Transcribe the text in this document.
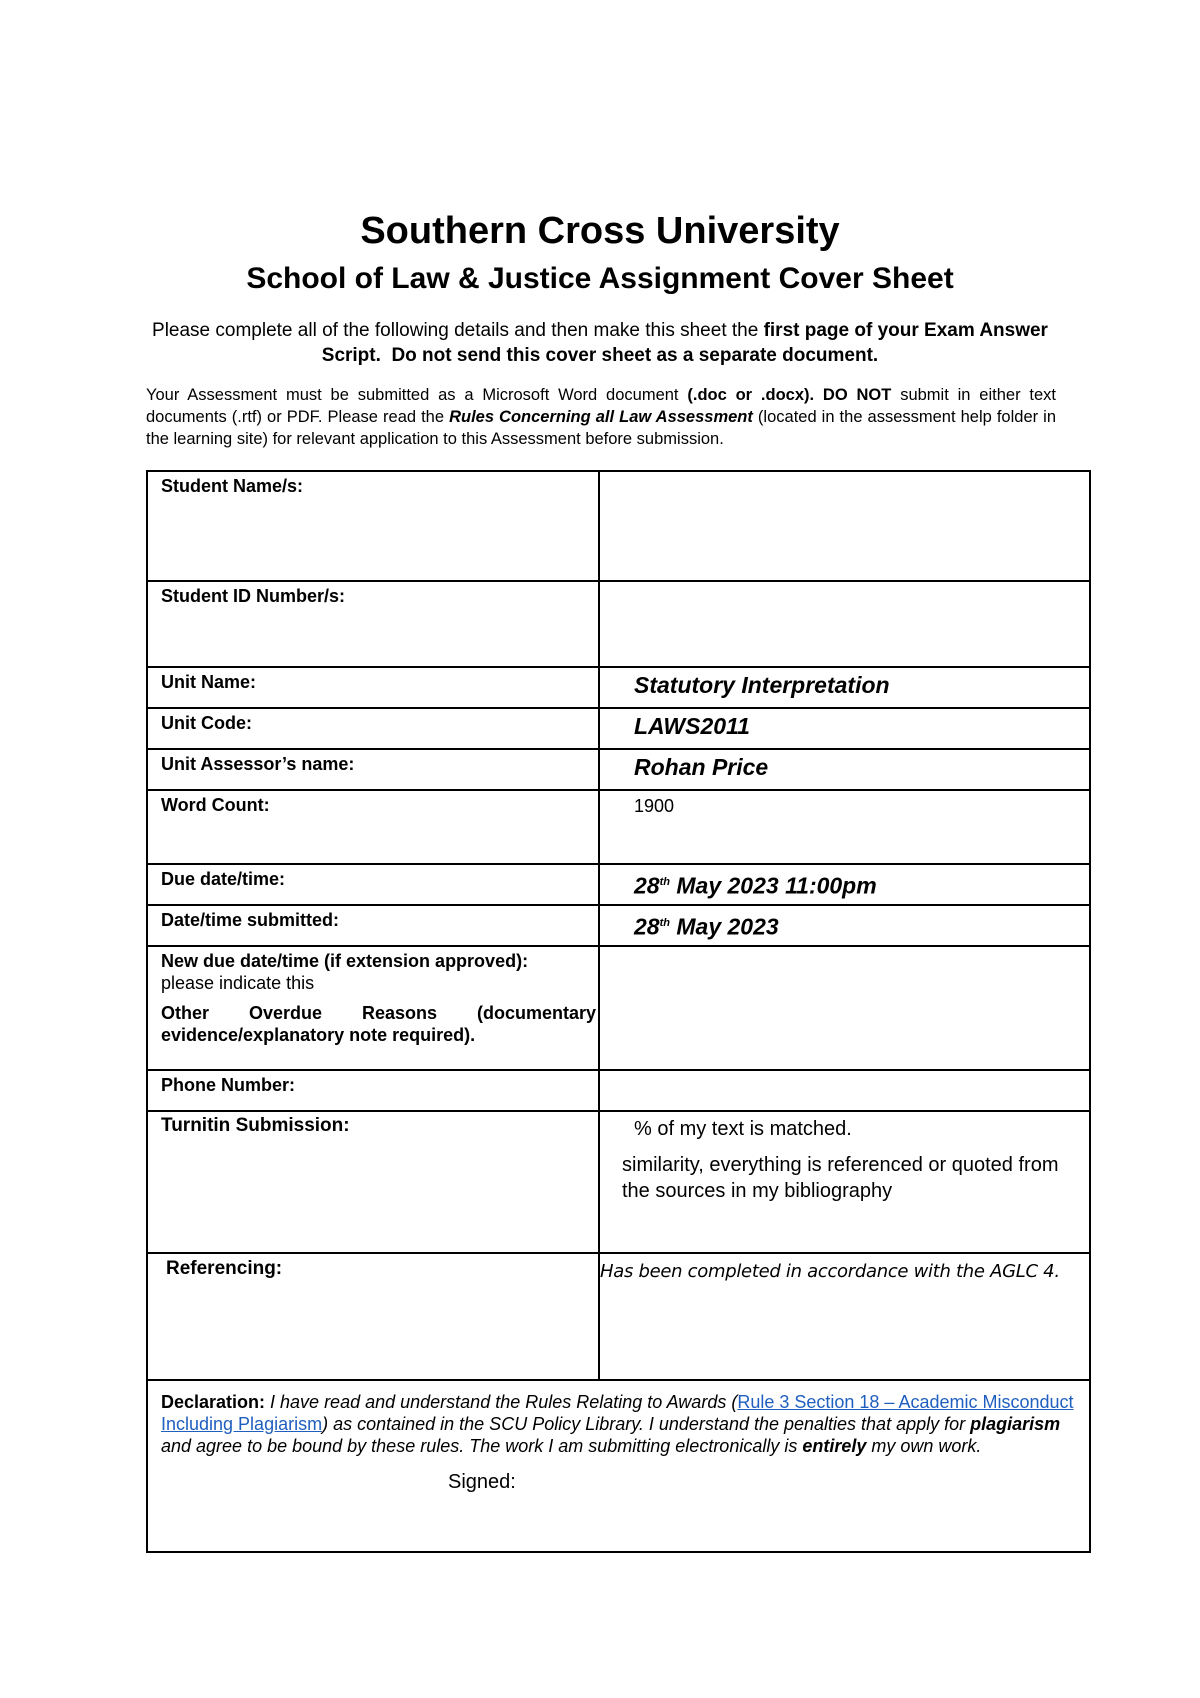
Southern Cross University
School of Law & Justice Assignment Cover Sheet
Please complete all of the following details and then make this sheet the first page of your Exam Answer Script. Do not send this cover sheet as a separate document.
Your Assessment must be submitted as a Microsoft Word document (.doc or .docx). DO NOT submit in either text documents (.rtf) or PDF. Please read the Rules Concerning all Law Assessment (located in the assessment help folder in the learning site) for relevant application to this Assessment before submission.
Student Name/s:	
Student ID Number/s:	
Unit Name:	Statutory Interpretation
Unit Code:	LAWS2011
Unit Assessor’s name:	Rohan Price
Word Count:	1900
Due date/time:	28th May 2023 11:00pm
Date/time submitted:	28th May 2023

New due date/time (if extension approved):
please indicate this
Other Overdue Reasons (documentary evidence/explanatory note required).	

Phone Number:	
Turnitin Submission:	% of my text is matched.
similarity, everything is referenced or quoted from the sources in my bibliography

Referencing:	Has been completed in accordance with the AGLC 4.

Declaration: I have read and understand the Rules Relating to Awards (Rule 3 Section 18 – Academic Misconduct Including Plagiarism) as contained in the SCU Policy Library. I understand the penalties that apply for plagiarism and agree to be bound by these rules. The work I am submitting electronically is entirely my own work.
Signed:	
